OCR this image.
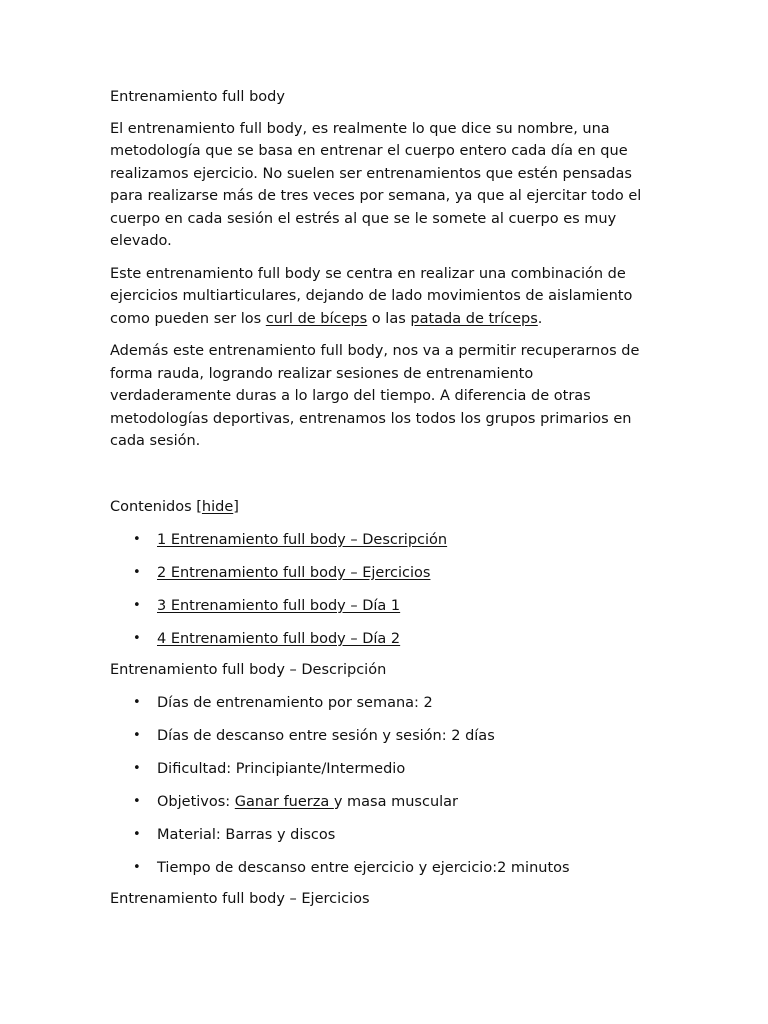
Entrenamiento full body

El entrenamiento full body, es realmente lo que dice su nombre, una metodología que se basa en entrenar el cuerpo entero cada día en que realizamos ejercicio. No suelen ser entrenamientos que estén pensadas para realizarse más de tres veces por semana, ya que al ejercitar todo el cuerpo en cada sesión el estrés al que se le somete al cuerpo es muy elevado.

Este entrenamiento full body se centra en realizar una combinación de ejercicios multiarticulares, dejando de lado movimientos de aislamiento como pueden ser los curl de bíceps o las patada de tríceps.

Además este entrenamiento full body, nos va a permitir recuperarnos de forma rauda, logrando realizar sesiones de entrenamiento verdaderamente duras a lo largo del tiempo. A diferencia de otras metodologías deportivas, entrenamos los todos los grupos primarios en cada sesión.

Contenidos [hide]

• 1 Entrenamiento full body – Descripción
• 2 Entrenamiento full body – Ejercicios
• 3 Entrenamiento full body – Día 1
• 4 Entrenamiento full body – Día 2

Entrenamiento full body – Descripción

• Días de entrenamiento por semana: 2
• Días de descanso entre sesión y sesión: 2 días
• Dificultad: Principiante/Intermedio
• Objetivos: Ganar fuerza y masa muscular
• Material: Barras y discos
• Tiempo de descanso entre ejercicio y ejercicio:2 minutos

Entrenamiento full body – Ejercicios
